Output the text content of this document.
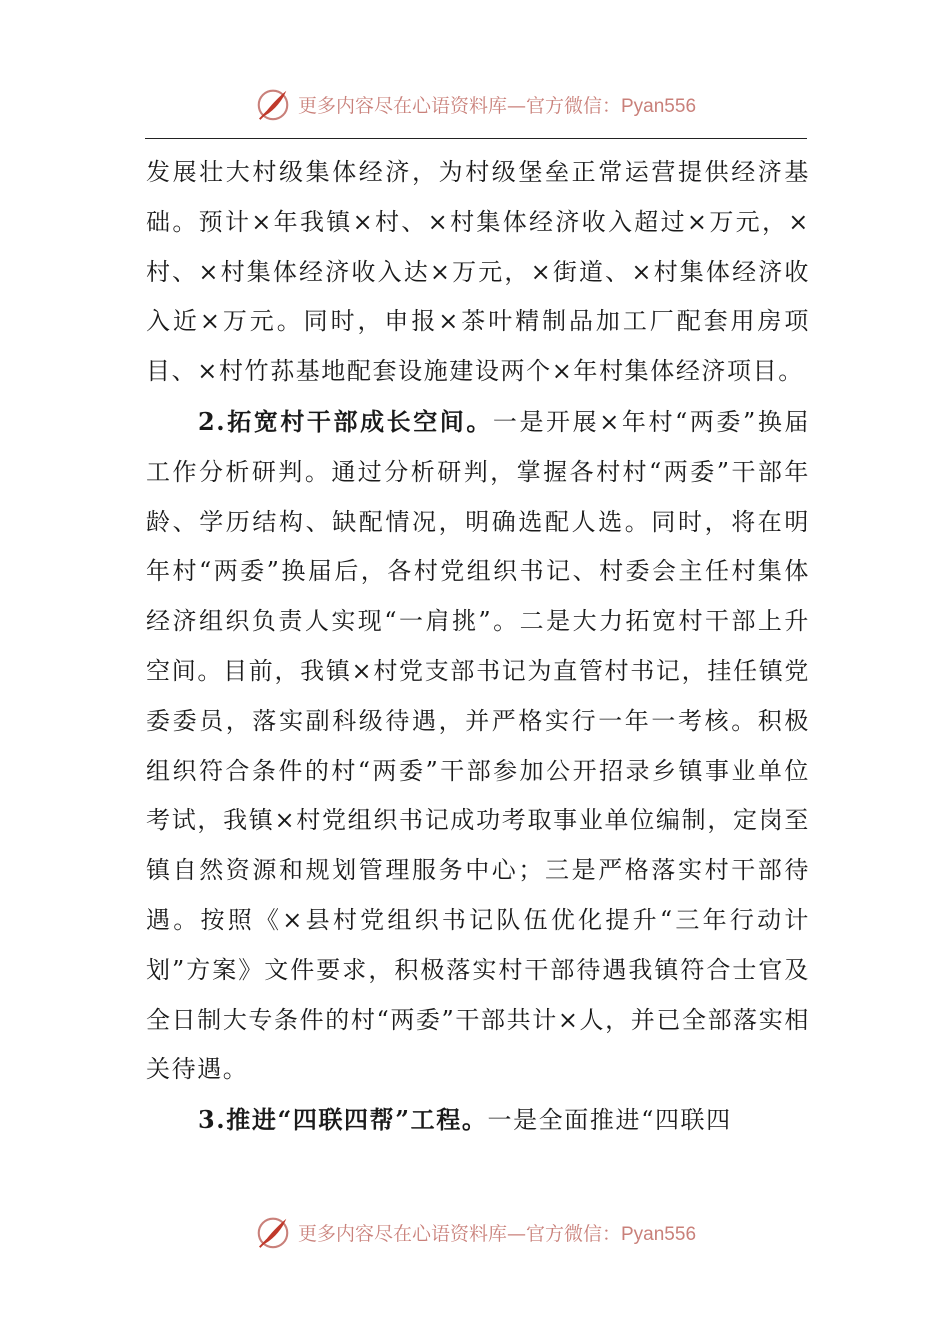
更多内容尽在心语资料库—官方微信：Pyan556

发展壮大村级集体经济，为村级堡垒正常运营提供经济基础。预计×年我镇×村、×村集体经济收入超过×万元，×村、×村集体经济收入达×万元，×街道、×村集体经济收入近×万元。同时，申报×茶叶精制品加工厂配套用房项目、×村竹荪基地配套设施建设两个×年村集体经济项目。

2.拓宽村干部成长空间。一是开展×年村“两委”换届工作分析研判。通过分析研判，掌握各村村“两委”干部年龄、学历结构、缺配情况，明确选配人选。同时，将在明年村“两委”换届后，各村党组织书记、村委会主任村集体经济组织负责人实现“一肩挑”。二是大力拓宽村干部上升空间。目前，我镇×村党支部书记为直管村书记，挂任镇党委委员，落实副科级待遇，并严格实行一年一考核。积极组织符合条件的村“两委”干部参加公开招录乡镇事业单位考试，我镇×村党组织书记成功考取事业单位编制，定岗至镇自然资源和规划管理服务中心；三是严格落实村干部待遇。按照《×县村党组织书记队伍优化提升“三年行动计划”方案》文件要求，积极落实村干部待遇我镇符合士官及全日制大专条件的村“两委”干部共计×人，并已全部落实相关待遇。

3.推进“四联四帮”工程。一是全面推进“四联四

更多内容尽在心语资料库—官方微信：Pyan556
